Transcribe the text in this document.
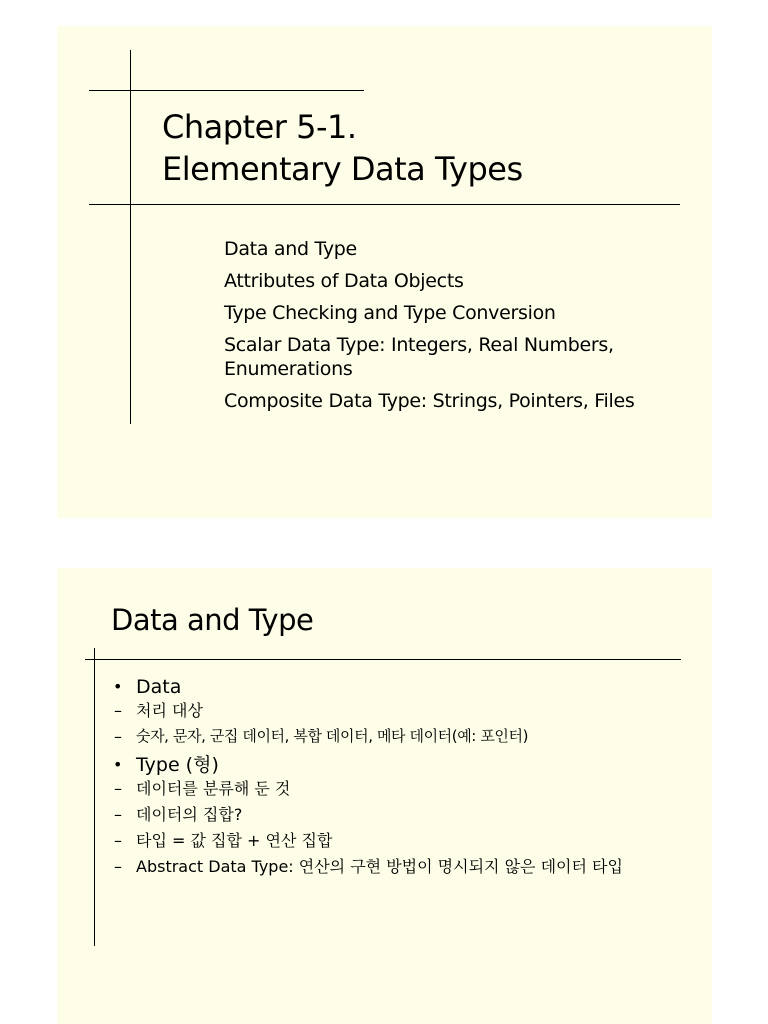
Chapter 5-1.
Elementary Data Types
Data and Type
Attributes of Data Objects
Type Checking and Type Conversion
Scalar Data Type: Integers, Real Numbers, Enumerations
Composite Data Type: Strings, Pointers, Files
Data and Type
• Data
– 처리 대상
– 숫자, 문자, 군집 데이터, 복합 데이터, 메타 데이터(예: 포인터)
• Type (형)
– 데이터를 분류해 둔 것
– 데이터의 집합?
– 타입 = 값 집합 + 연산 집합
– Abstract Data Type: 연산의 구현 방법이 명시되지 않은 데이터 타입
